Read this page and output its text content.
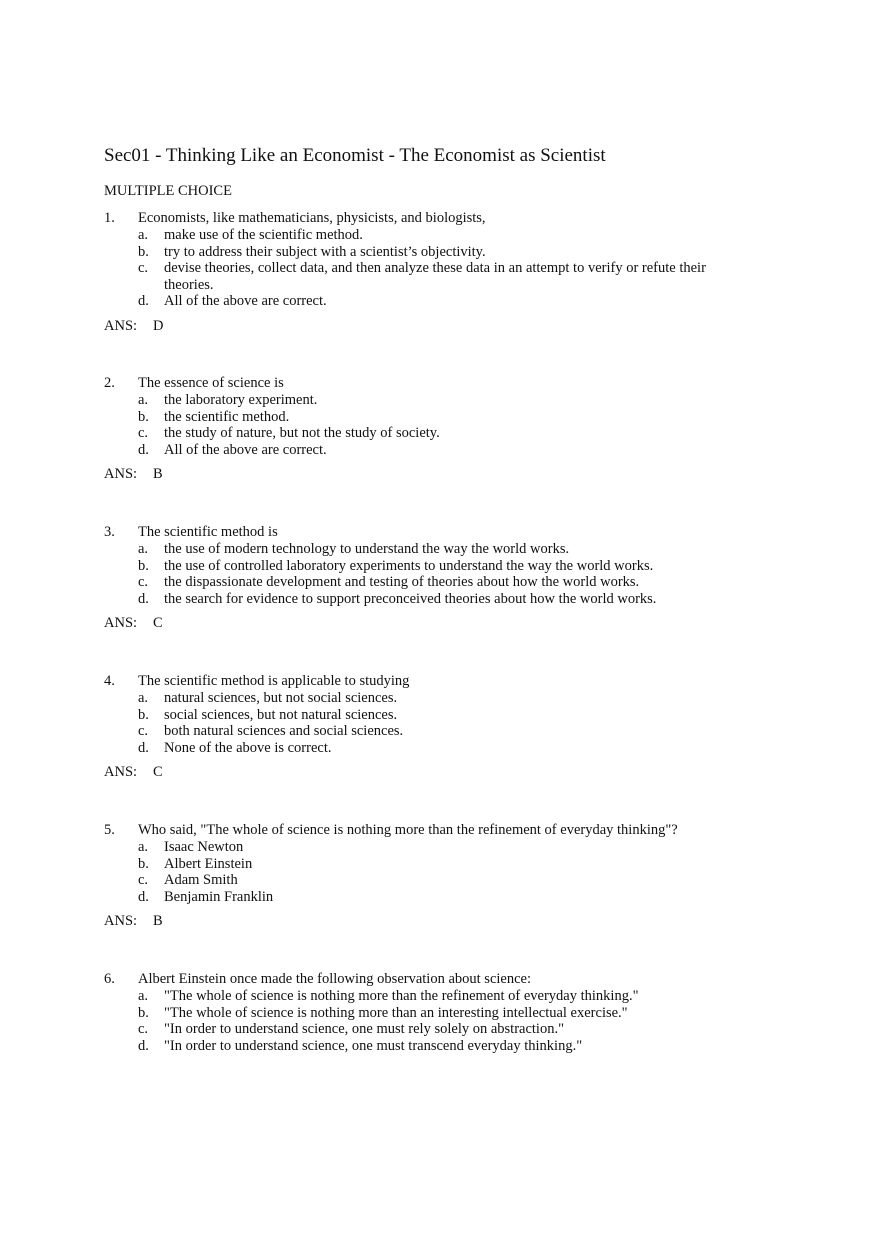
Sec01 - Thinking Like an Economist - The Economist as Scientist
MULTIPLE CHOICE
1.	Economists, like mathematicians, physicists, and biologists,
a.	make use of the scientific method.
b.	try to address their subject with a scientist’s objectivity.
c.	devise theories, collect data, and then analyze these data in an attempt to verify or refute their theories.
d.	All of the above are correct.
ANS: D
2.	The essence of science is
a.	the laboratory experiment.
b.	the scientific method.
c.	the study of nature, but not the study of society.
d.	All of the above are correct.
ANS: B
3.	The scientific method is
a.	the use of modern technology to understand the way the world works.
b.	the use of controlled laboratory experiments to understand the way the world works.
c.	the dispassionate development and testing of theories about how the world works.
d.	the search for evidence to support preconceived theories about how the world works.
ANS: C
4.	The scientific method is applicable to studying
a.	natural sciences, but not social sciences.
b.	social sciences, but not natural sciences.
c.	both natural sciences and social sciences.
d.	None of the above is correct.
ANS: C
5.	Who said, "The whole of science is nothing more than the refinement of everyday thinking"?
a.	Isaac Newton
b.	Albert Einstein
c.	Adam Smith
d.	Benjamin Franklin
ANS: B
6.	Albert Einstein once made the following observation about science:
a.	"The whole of science is nothing more than the refinement of everyday thinking."
b.	"The whole of science is nothing more than an interesting intellectual exercise."
c.	"In order to understand science, one must rely solely on abstraction."
d.	"In order to understand science, one must transcend everyday thinking."
